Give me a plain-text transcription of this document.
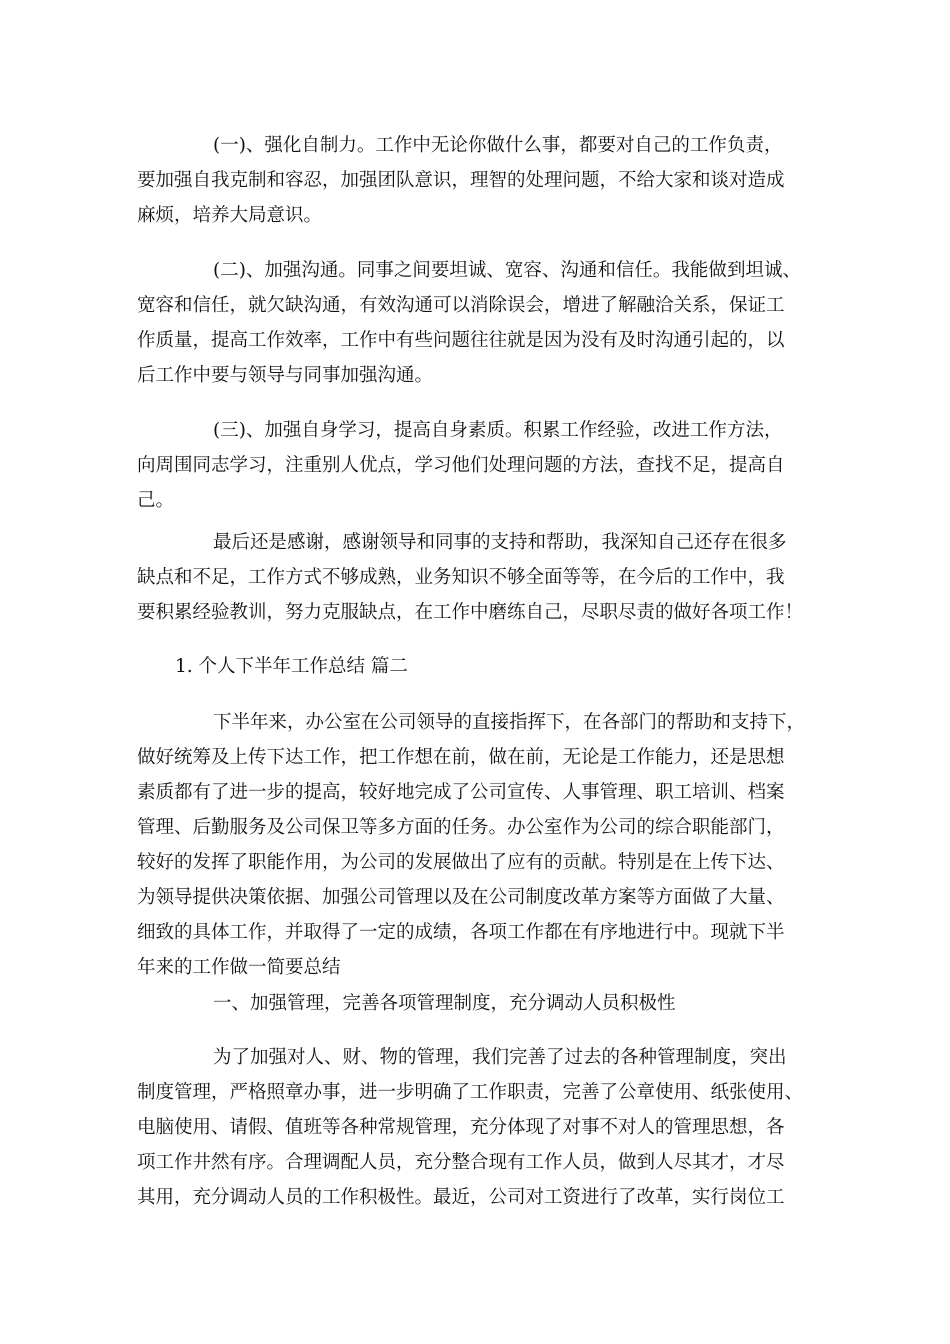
(一)、强化自制力。工作中无论你做什么事，都要对自己的工作负责，

要加强自我克制和容忍，加强团队意识，理智的处理问题，不给大家和谈对造成

麻烦，培养大局意识。

(二)、加强沟通。同事之间要坦诚、宽容、沟通和信任。我能做到坦诚、

宽容和信任，就欠缺沟通，有效沟通可以消除误会，增进了解融洽关系，保证工

作质量，提高工作效率，工作中有些问题往往就是因为没有及时沟通引起的，以

后工作中要与领导与同事加强沟通。

(三)、加强自身学习，提高自身素质。积累工作经验，改进工作方法，

向周围同志学习，注重别人优点，学习他们处理问题的方法，查找不足，提高自

己。

最后还是感谢，感谢领导和同事的支持和帮助，我深知自己还存在很多

缺点和不足，工作方式不够成熟，业务知识不够全面等等，在今后的工作中，我

要积累经验教训，努力克服缺点，在工作中磨练自己，尽职尽责的做好各项工作！

1. 个人下半年工作总结 篇二

下半年来，办公室在公司领导的直接指挥下，在各部门的帮助和支持下，

做好统筹及上传下达工作，把工作想在前，做在前，无论是工作能力，还是思想

素质都有了进一步的提高，较好地完成了公司宣传、人事管理、职工培训、档案

管理、后勤服务及公司保卫等多方面的任务。办公室作为公司的综合职能部门，

较好的发挥了职能作用，为公司的发展做出了应有的贡献。特别是在上传下达、

为领导提供决策依据、加强公司管理以及在公司制度改革方案等方面做了大量、

细致的具体工作，并取得了一定的成绩，各项工作都在有序地进行中。现就下半

年来的工作做一简要总结

一、加强管理，完善各项管理制度，充分调动人员积极性

为了加强对人、财、物的管理，我们完善了过去的各种管理制度，突出

制度管理，严格照章办事，进一步明确了工作职责，完善了公章使用、纸张使用、

电脑使用、请假、值班等各种常规管理，充分体现了对事不对人的管理思想，各

项工作井然有序。合理调配人员，充分整合现有工作人员，做到人尽其才，才尽

其用，充分调动人员的工作积极性。最近，公司对工资进行了改革，实行岗位工
